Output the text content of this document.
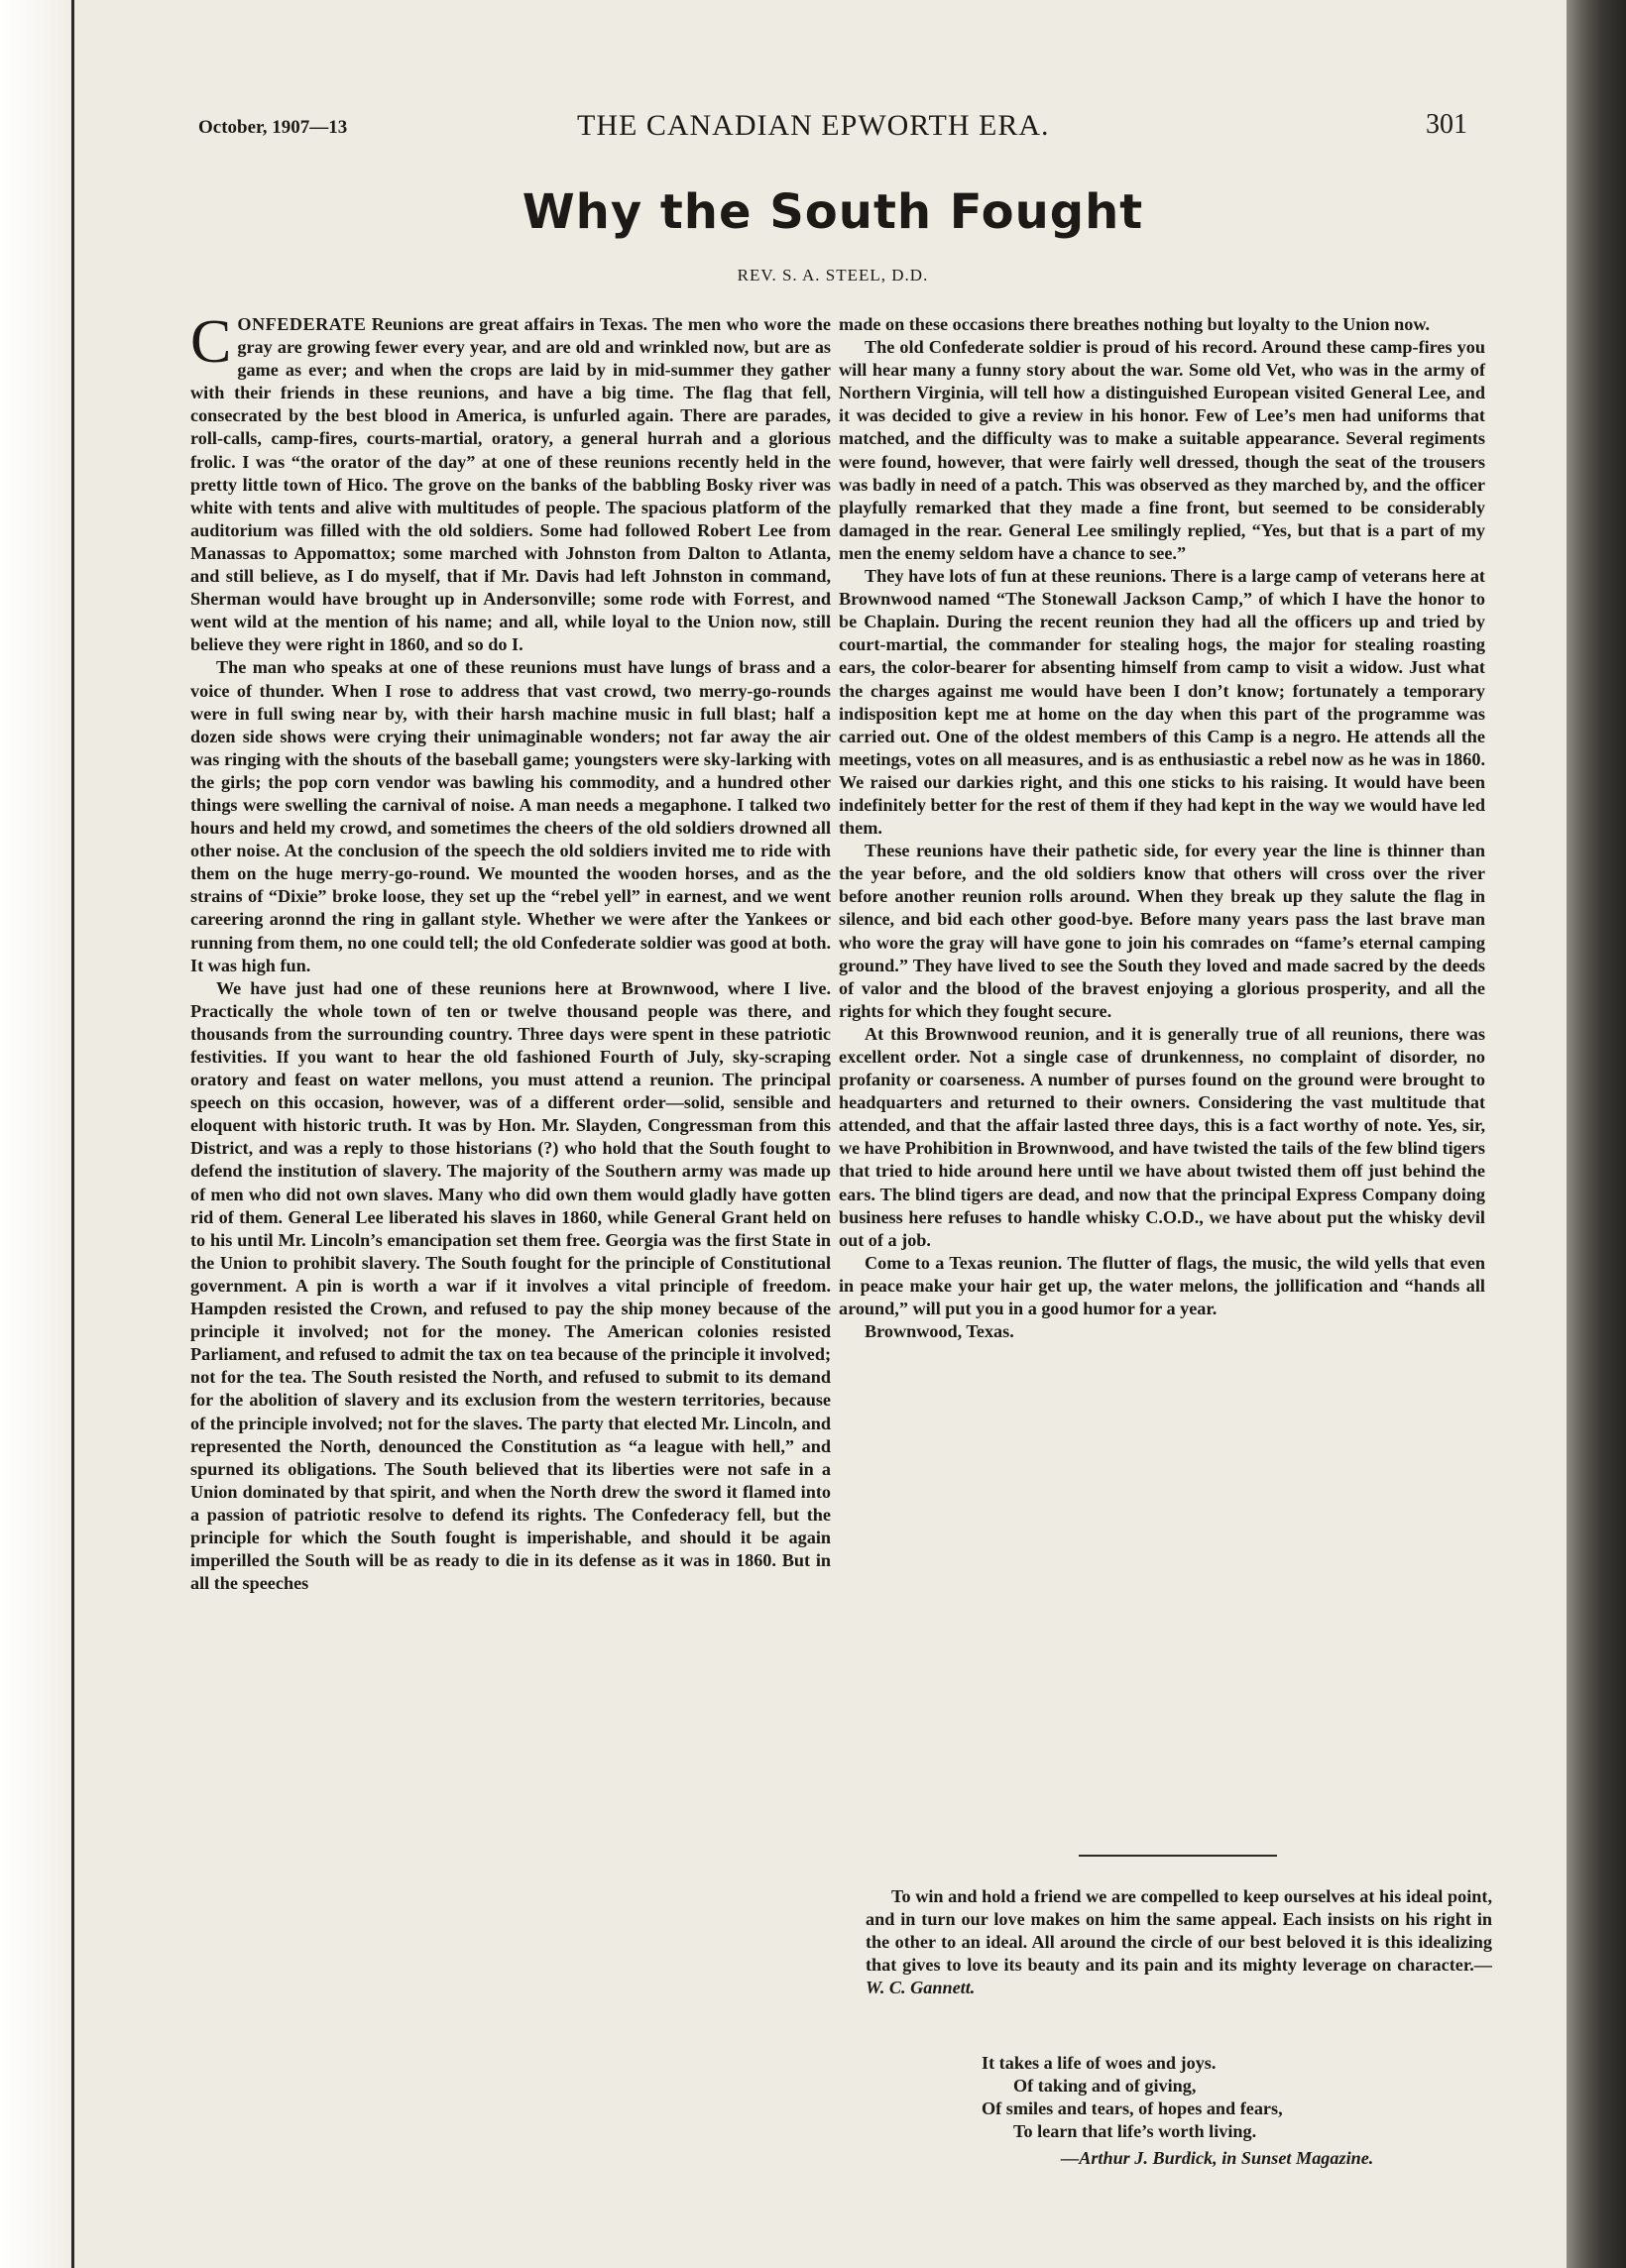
October, 1907—13	THE CANADIAN EPWORTH ERA.	301
Why the South Fought
REV. S. A. STEEL, D.D.

CONFEDERATE Reunions are great affairs in Texas. The men who wore the gray are growing fewer every year, and are old and wrinkled now, but are as game as ever; and when the crops are laid by in mid-summer they gather with their friends in these reunions, and have a big time. The flag that fell, consecrated by the best blood in America, is unfurled again. There are parades, roll-calls, camp-fires, courts-martial, oratory, a general hurrah and a glorious frolic. I was “the orator of the day” at one of these reunions recently held in the pretty little town of Hico. The grove on the banks of the babbling Bosky river was white with tents and alive with multitudes of people. The spacious platform of the auditorium was filled with the old soldiers. Some had followed Robert Lee from Manassas to Appomattox; some marched with Johnston from Dalton to Atlanta, and still believe, as I do myself, that if Mr. Davis had left Johnston in command, Sherman would have brought up in Andersonville; some rode with Forrest, and went wild at the mention of his name; and all, while loyal to the Union now, still believe they were right in 1860, and so do I.

The man who speaks at one of these reunions must have lungs of brass and a voice of thunder. When I rose to address that vast crowd, two merry-go-rounds were in full swing near by, with their harsh machine music in full blast; half a dozen side shows were crying their unimaginable wonders; not far away the air was ringing with the shouts of the baseball game; youngsters were sky-larking with the girls; the pop corn vendor was bawling his commodity, and a hundred other things were swelling the carnival of noise. A man needs a megaphone. I talked two hours and held my crowd, and sometimes the cheers of the old soldiers drowned all other noise. At the conclusion of the speech the old soldiers invited me to ride with them on the huge merry-go-round. We mounted the wooden horses, and as the strains of “Dixie” broke loose, they set up the “rebel yell” in earnest, and we went careering aronnd the ring in gallant style. Whether we were after the Yankees or running from them, no one could tell; the old Confederate soldier was good at both. It was high fun.

We have just had one of these reunions here at Brownwood, where I live. Practically the whole town of ten or twelve thousand people was there, and thousands from the surrounding country. Three days were spent in these patriotic festivities. If you want to hear the old fashioned Fourth of July, sky-scraping oratory and feast on water mellons, you must attend a reunion. The principal speech on this occasion, however, was of a different order—solid, sensible and eloquent with historic truth. It was by Hon. Mr. Slayden, Congressman from this District, and was a reply to those historians (?) who hold that the South fought to defend the institution of slavery. The majority of the Southern army was made up of men who did not own slaves. Many who did own them would gladly have gotten rid of them. General Lee liberated his slaves in 1860, while General Grant held on to his until Mr. Lincoln’s emancipation set them free. Georgia was the first State in the Union to prohibit slavery. The South fought for the principle of Constitutional government. A pin is worth a war if it involves a vital principle of freedom. Hampden resisted the Crown, and refused to pay the ship money because of the principle it involved; not for the money. The American colonies resisted Parliament, and refused to admit the tax on tea because of the principle it involved; not for the tea. The South resisted the North, and refused to submit to its demand for the abolition of slavery and its exclusion from the western territories, because of the principle involved; not for the slaves. The party that elected Mr. Lincoln, and represented the North, denounced the Constitution as “a league with hell,” and spurned its obligations. The South believed that its liberties were not safe in a Union dominated by that spirit, and when the North drew the sword it flamed into a passion of patriotic resolve to defend its rights. The Confederacy fell, but the principle for which the South fought is imperishable, and should it be again imperilled the South will be as ready to die in its defense as it was in 1860. But in all the speeches

made on these occasions there breathes nothing but loyalty to the Union now.

The old Confederate soldier is proud of his record. Around these camp-fires you will hear many a funny story about the war. Some old Vet, who was in the army of Northern Virginia, will tell how a distinguished European visited General Lee, and it was decided to give a review in his honor. Few of Lee’s men had uniforms that matched, and the difficulty was to make a suitable appearance. Several regiments were found, however, that were fairly well dressed, though the seat of the trousers was badly in need of a patch. This was observed as they marched by, and the officer playfully remarked that they made a fine front, but seemed to be considerably damaged in the rear. General Lee smilingly replied, “Yes, but that is a part of my men the enemy seldom have a chance to see.”

They have lots of fun at these reunions. There is a large camp of veterans here at Brownwood named “The Stonewall Jackson Camp,” of which I have the honor to be Chaplain. During the recent reunion they had all the officers up and tried by court-martial, the commander for stealing hogs, the major for stealing roasting ears, the color-bearer for absenting himself from camp to visit a widow. Just what the charges against me would have been I don’t know; fortunately a temporary indisposition kept me at home on the day when this part of the programme was carried out. One of the oldest members of this Camp is a negro. He attends all the meetings, votes on all measures, and is as enthusiastic a rebel now as he was in 1860. We raised our darkies right, and this one sticks to his raising. It would have been indefinitely better for the rest of them if they had kept in the way we would have led them.

These reunions have their pathetic side, for every year the line is thinner than the year before, and the old soldiers know that others will cross over the river before another reunion rolls around. When they break up they salute the flag in silence, and bid each other good-bye. Before many years pass the last brave man who wore the gray will have gone to join his comrades on “fame’s eternal camping ground.” They have lived to see the South they loved and made sacred by the deeds of valor and the blood of the bravest enjoying a glorious prosperity, and all the rights for which they fought secure.

At this Brownwood reunion, and it is generally true of all reunions, there was excellent order. Not a single case of drunkenness, no complaint of disorder, no profanity or coarseness. A number of purses found on the ground were brought to headquarters and returned to their owners. Considering the vast multitude that attended, and that the affair lasted three days, this is a fact worthy of note. Yes, sir, we have Prohibition in Brownwood, and have twisted the tails of the few blind tigers that tried to hide around here until we have about twisted them off just behind the ears. The blind tigers are dead, and now that the principal Express Company doing business here refuses to handle whisky C.O.D., we have about put the whisky devil out of a job.

Come to a Texas reunion. The flutter of flags, the music, the wild yells that even in peace make your hair get up, the water melons, the jollification and “hands all around,” will put you in a good humor for a year.

Brownwood, Texas.

To win and hold a friend we are compelled to keep ourselves at his ideal point, and in turn our love makes on him the same appeal. Each insists on his right in the other to an ideal. All around the circle of our best beloved it is this idealizing that gives to love its beauty and its pain and its mighty leverage on character.—W. C. Gannett.

It takes a life of woes and joys.
Of taking and of giving,
Of smiles and tears, of hopes and fears,
To learn that life’s worth living.
—Arthur J. Burdick, in Sunset Magazine.
